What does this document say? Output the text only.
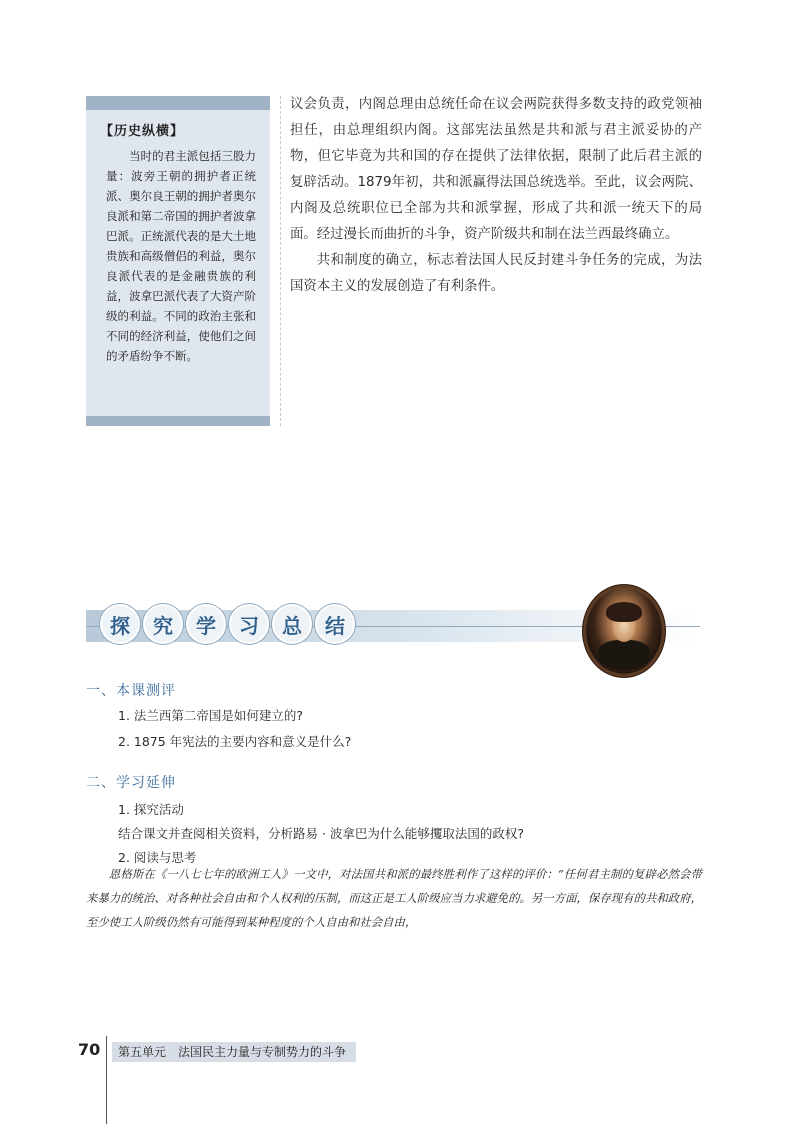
【历史纵横】
当时的君主派包括三股力量：波旁王朝的拥护者正统派、奥尔良王朝的拥护者奥尔良派和第二帝国的拥护者波拿巴派。正统派代表的是大土地贵族和高级僧侣的利益，奥尔良派代表的是金融贵族的利益，波拿巴派代表了大资产阶级的利益。不同的政治主张和不同的经济利益，使他们之间的矛盾纷争不断。

议会负责，内阁总理由总统任命在议会两院获得多数支持的政党领袖担任，由总理组织内阁。这部宪法虽然是共和派与君主派妥协的产物，但它毕竟为共和国的存在提供了法律依据，限制了此后君主派的复辟活动。1879年初，共和派赢得法国总统选举。至此，议会两院、内阁及总统职位已全部为共和派掌握，形成了共和派一统天下的局面。经过漫长而曲折的斗争，资产阶级共和制在法兰西最终确立。

共和制度的确立，标志着法国人民反封建斗争任务的完成，为法国资本主义的发展创造了有利条件。

探	究	学	习	总	结
一、本课测评
1. 法兰西第二帝国是如何建立的?
2. 1875 年宪法的主要内容和意义是什么?
二、学习延伸
1. 探究活动
结合课文并查阅相关资料，分析路易 · 波拿巴为什么能够攫取法国的政权?
2. 阅读与思考
恩格斯在《一八七七年的欧洲工人》一文中，对法国共和派的最终胜利作了这样的评价：“任何君主制的复辟必然会带来暴力的统治、对各种社会自由和个人权利的压制，而这正是工人阶级应当力求避免的。另一方面，保存现有的共和政府，至少使工人阶级仍然有可能得到某种程度的个人自由和社会自由，
70	第五单元　法国民主力量与专制势力的斗争
